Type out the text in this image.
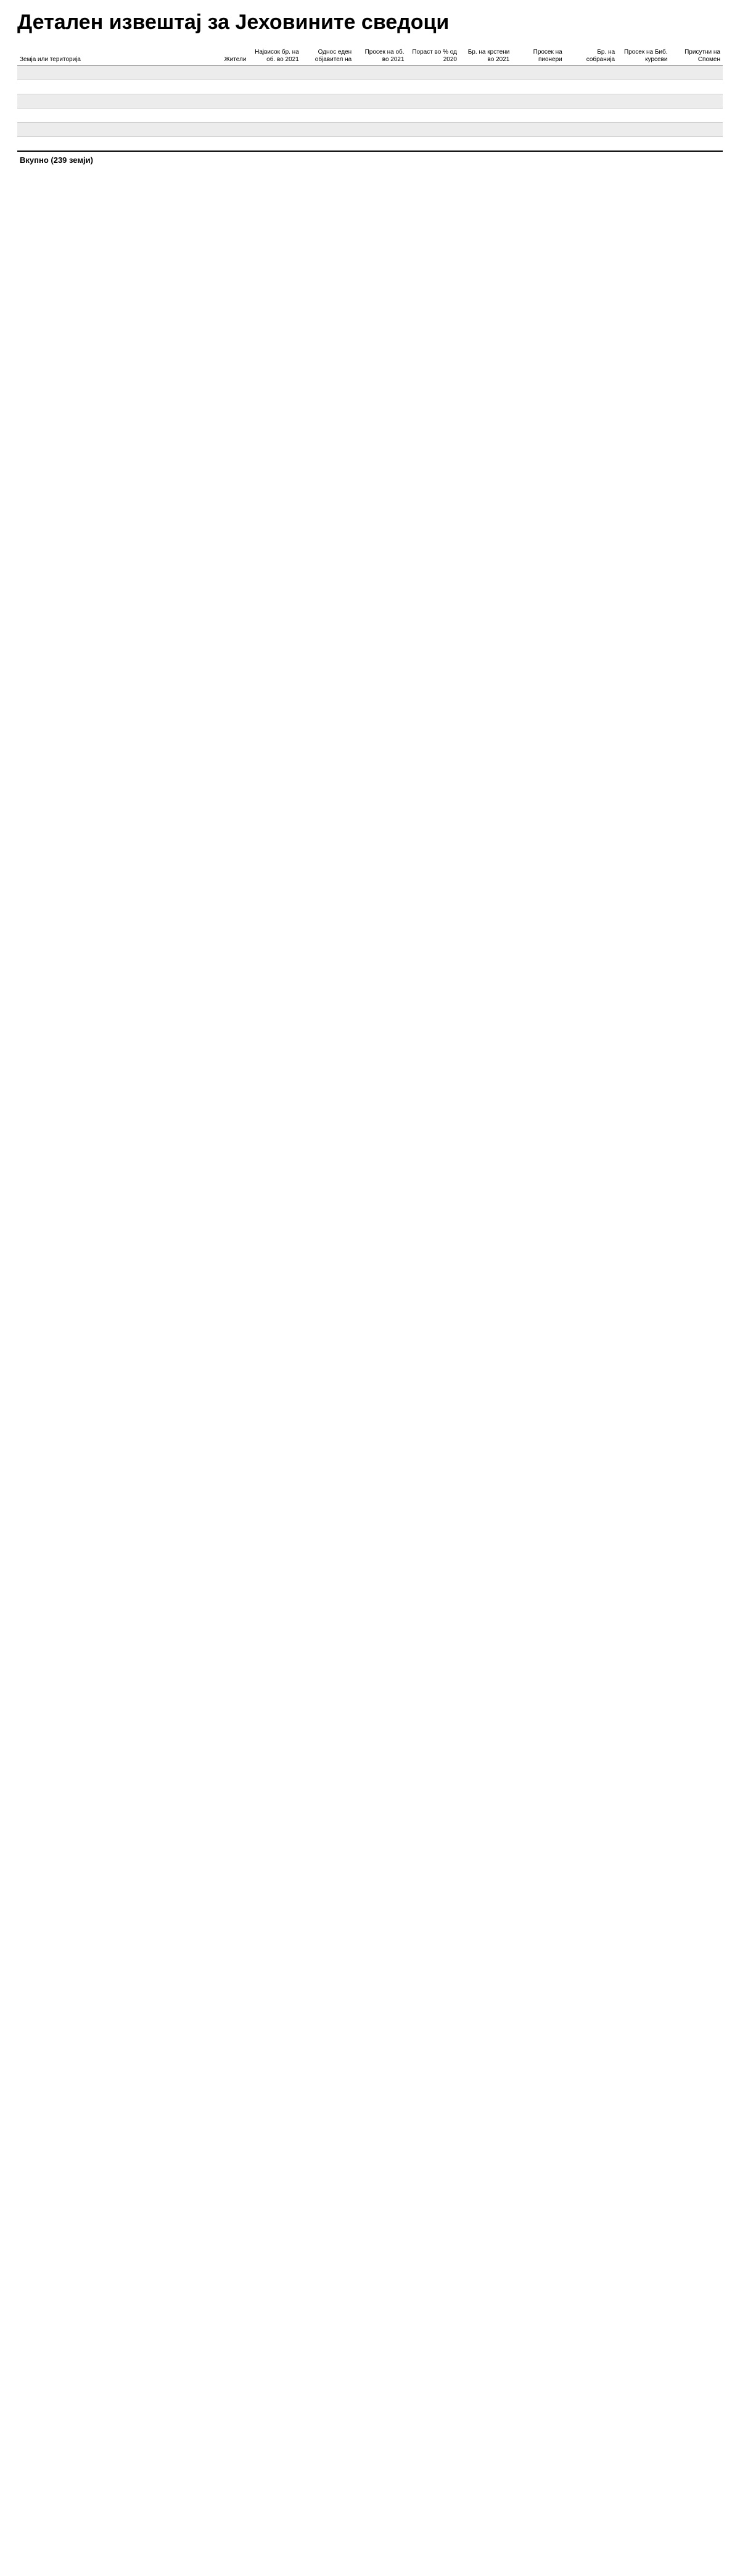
Детален извештај за Јеховините сведоци
Земја или територија	Жители	Највисок бр. на об. во 2021	Однос еден објавител на	Просек на об. во 2021	Пораст во % од 2020	Бр. на крстени во 2021	Просек на пионери	Бр. на собранија	Просек на Биб. курсеви	Присутни на Спомен

Вкупно (239 земји)										
